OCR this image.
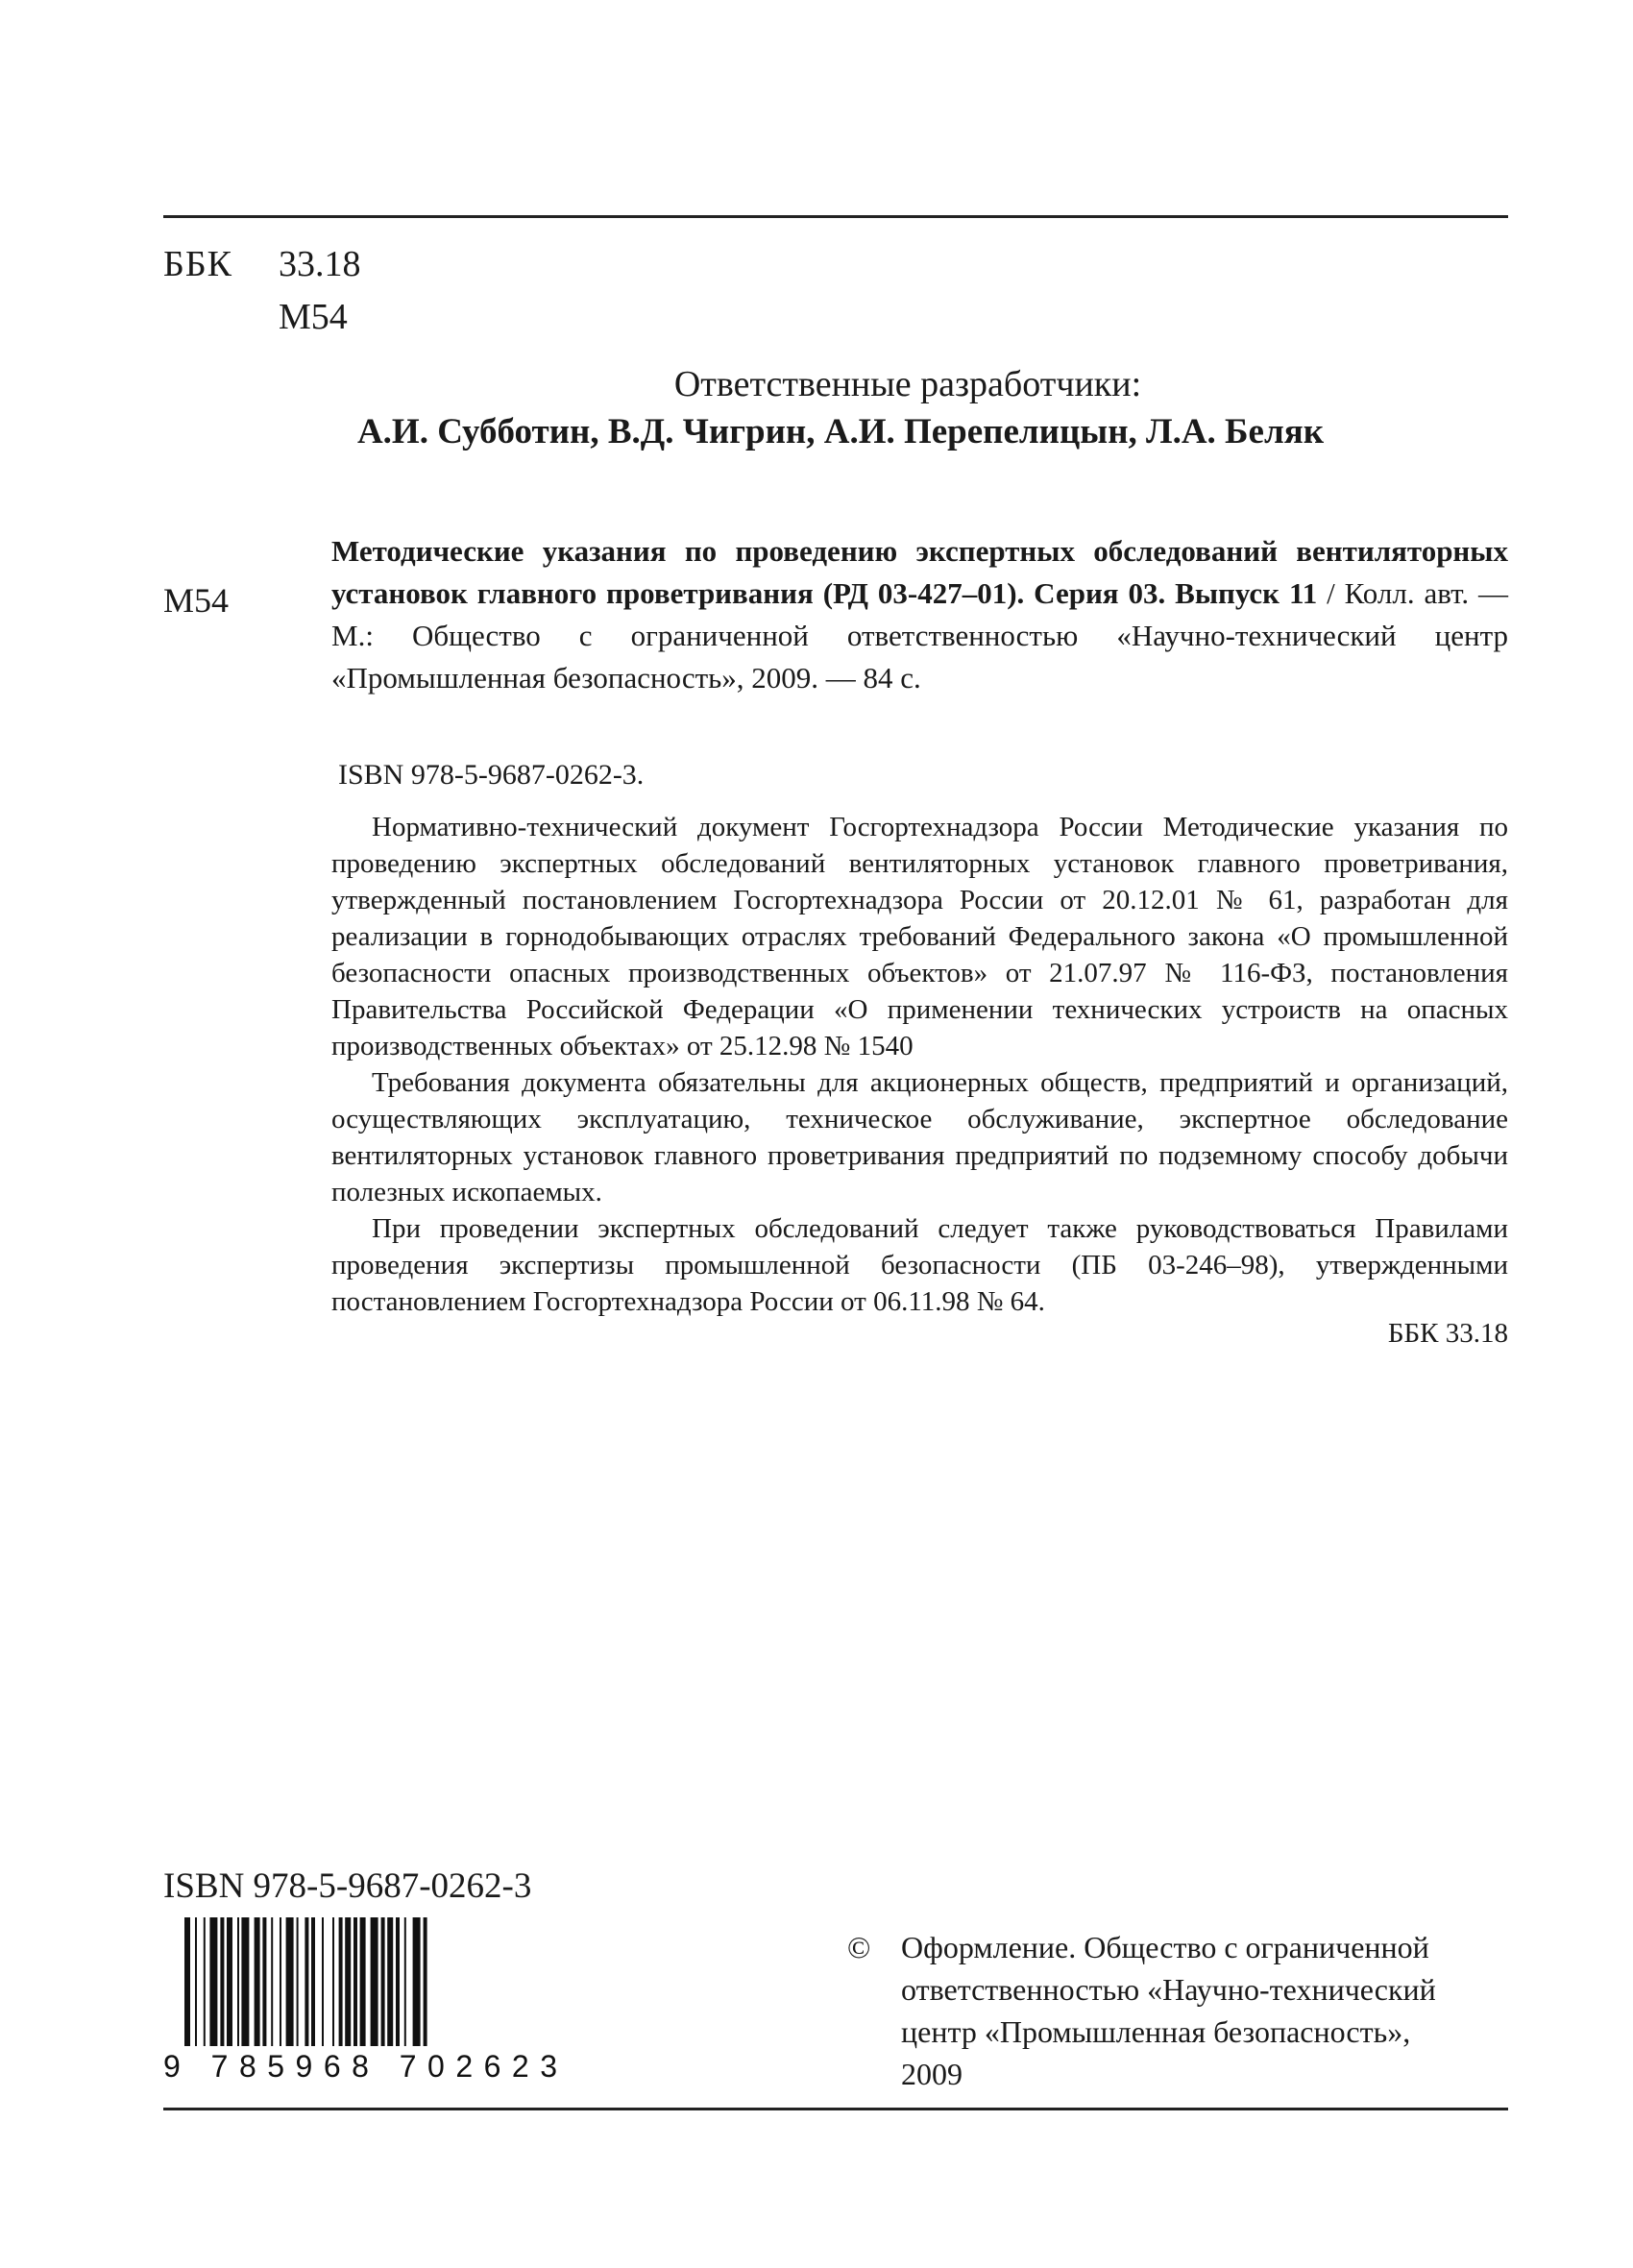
ББК 33.18
М54
Ответственные разработчики:
А.И. Субботин, В.Д. Чигрин, А.И. Перепелицын, Л.А. Беляк
М54
Методические указания по проведению экспертных обследований вентиляторных установок главного проветривания (РД 03-427–01). Серия 03. Выпуск 11 / Колл. авт. — М.: Общество с ограниченной ответственностью «Научно-технический центр «Промышленная безопасность», 2009. — 84 с.
ISBN 978-5-9687-0262-3.

Нормативно-технический документ Госгортехнадзора России Методические указания по проведению экспертных обследований вентиляторных установок главного проветривания, утвержденный постановлением Госгортехнадзора России от 20.12.01 № 61, разработан для реализации в горнодобывающих отраслях требований Федерального закона «О промышленной безопасности опасных производственных объектов» от 21.07.97 № 116-ФЗ, постановления Правительства Российской Федерации «О применении технических устроиств на опасных производственных объектах» от 25.12.98 № 1540

Требования документа обязательны для акционерных обществ, предприятий и организаций, осуществляющих эксплуатацию, техническое обслуживание, экспертное обследование вентиляторных установок главного проветривания предприятий по подземному способу добычи полезных ископаемых.

При проведении экспертных обследований следует также руководствоваться Правилами проведения экспертизы промышленной безопасности (ПБ 03-246–98), утвержденными постановлением Госгортехнадзора России от 06.11.98 № 64.

ББК 33.18
ISBN 978-5-9687-0262-3
9 785968 702623
© Оформление. Общество с ограниченной
ответственностью «Научно-технический
центр «Промышленная безопасность»,
2009
